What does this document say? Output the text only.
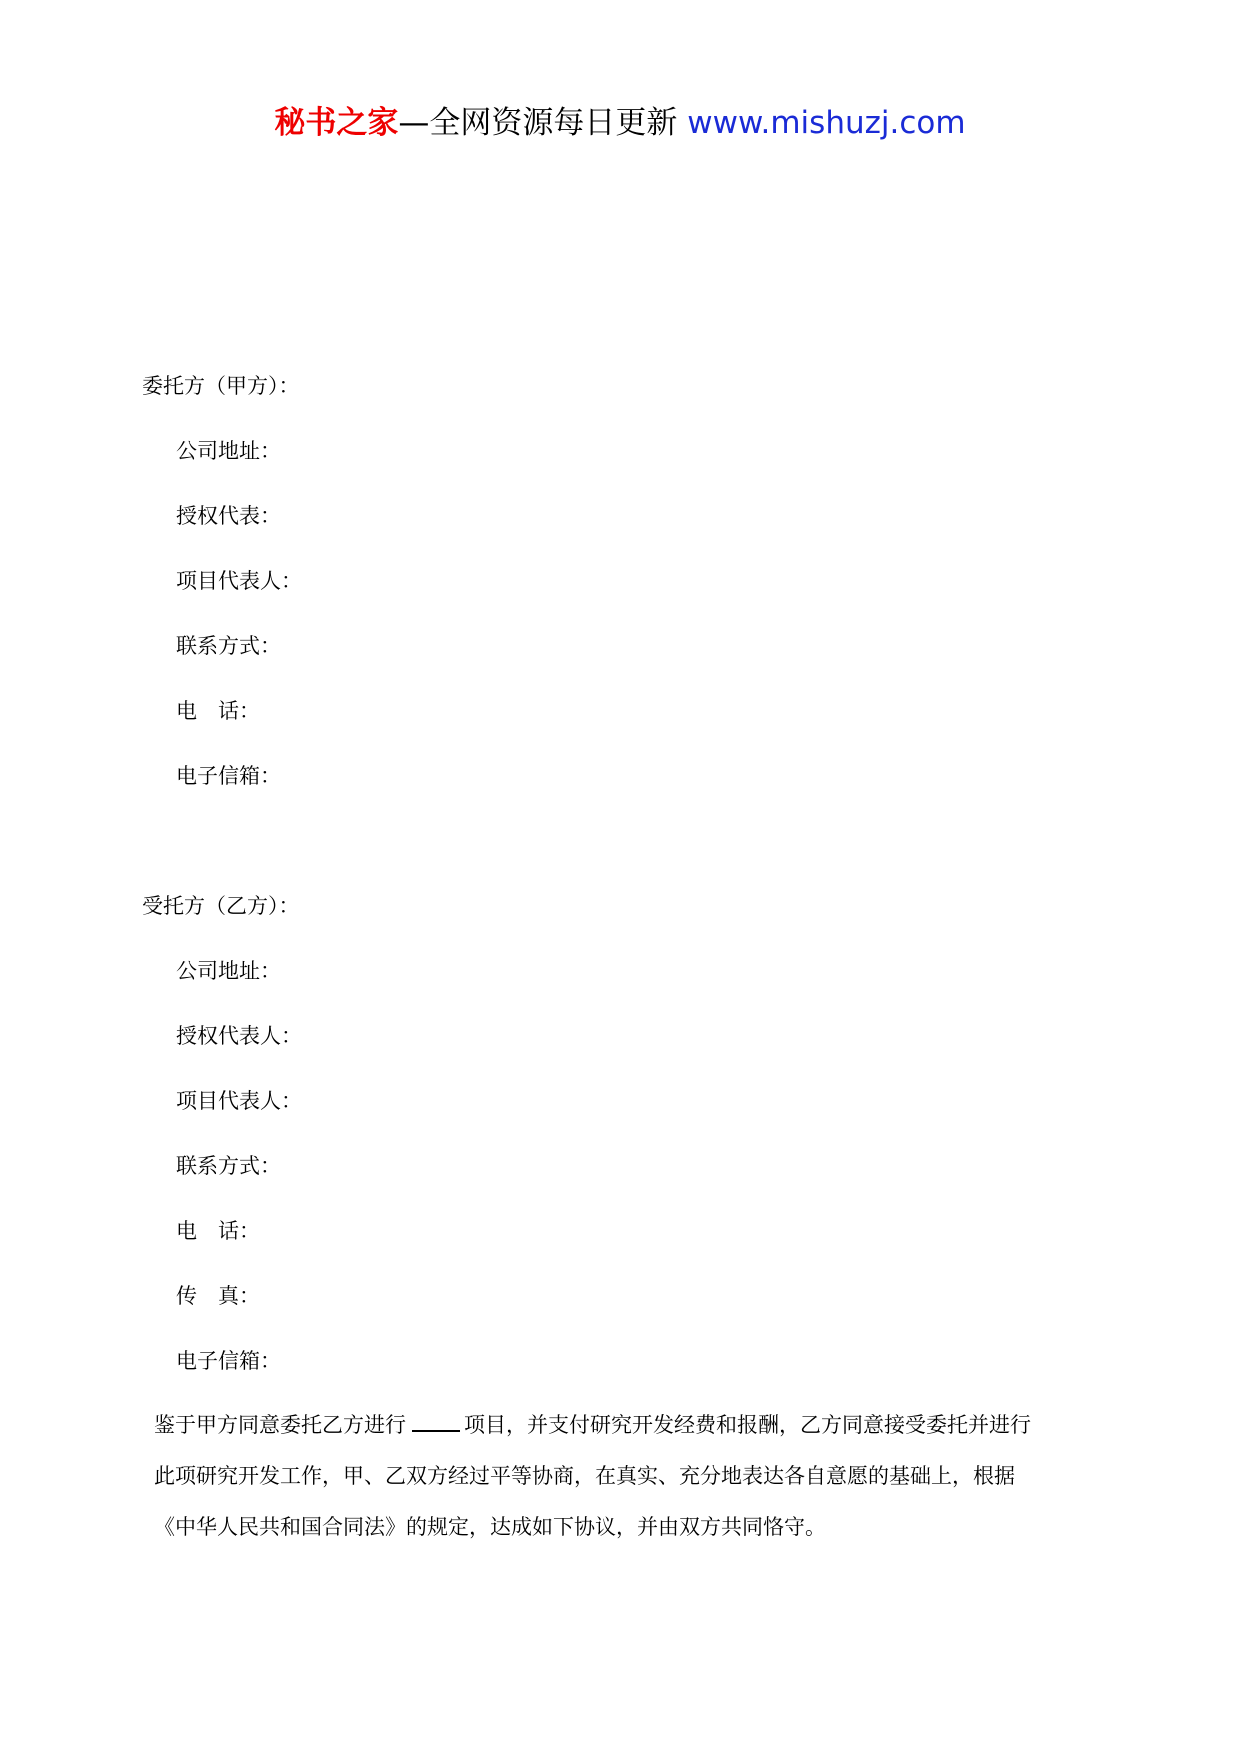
秘书之家—全网资源每日更新 www.mishuzj.com
委托方（甲方）：
公司地址：
授权代表：
项目代表人：
联系方式：
电　话：
电子信箱：
受托方（乙方）：
公司地址：
授权代表人：
项目代表人：
联系方式：
电　话：
传　真：
电子信箱：
鉴于甲方同意委托乙方进行	项目，并支付研究开发经费和报酬，乙方同意接受委托并进行
此项研究开发工作，甲、乙双方经过平等协商，在真实、充分地表达各自意愿的基础上，根据
《中华人民共和国合同法》的规定，达成如下协议，并由双方共同恪守。
